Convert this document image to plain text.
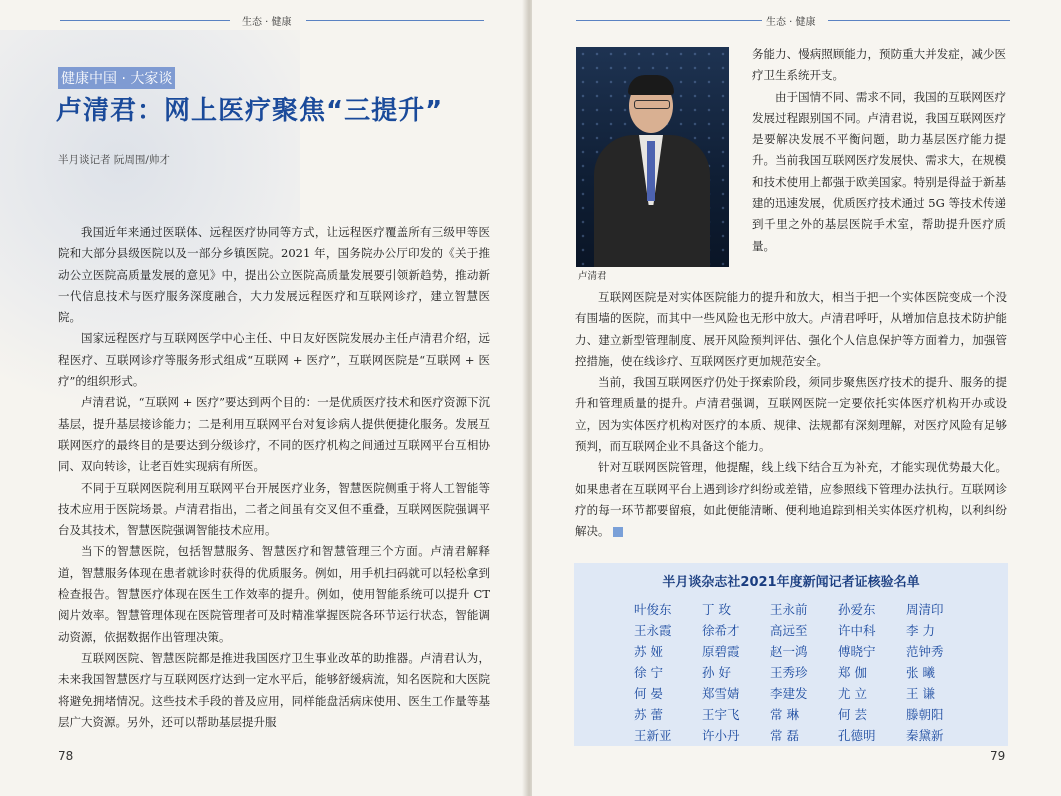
生态 · 健康
健康中国 · 大家谈
卢清君：网上医疗聚焦“三提升”
半月谈记者 阮周围/帅才

我国近年来通过医联体、远程医疗协同等方式，让远程医疗覆盖所有三级甲等医院和大部分县级医院以及一部分乡镇医院。2021 年，国务院办公厅印发的《关于推动公立医院高质量发展的意见》中，提出公立医院高质量发展要引领新趋势，推动新一代信息技术与医疗服务深度融合，大力发展远程医疗和互联网诊疗，建立智慧医院。

国家远程医疗与互联网医学中心主任、中日友好医院发展办主任卢清君介绍，远程医疗、互联网诊疗等服务形式组成“互联网 + 医疗”，互联网医院是“互联网 + 医疗”的组织形式。

卢清君说，“互联网 + 医疗”要达到两个目的：一是优质医疗技术和医疗资源下沉基层，提升基层接诊能力；二是利用互联网平台对复诊病人提供便捷化服务。发展互联网医疗的最终目的是要达到分级诊疗，不同的医疗机构之间通过互联网平台互相协同、双向转诊，让老百姓实现病有所医。

不同于互联网医院利用互联网平台开展医疗业务，智慧医院侧重于将人工智能等技术应用于医院场景。卢清君指出，二者之间虽有交叉但不重叠，互联网医院强调平台及其技术，智慧医院强调智能技术应用。

当下的智慧医院，包括智慧服务、智慧医疗和智慧管理三个方面。卢清君解释道，智慧服务体现在患者就诊时获得的优质服务。例如，用手机扫码就可以轻松拿到检查报告。智慧医疗体现在医生工作效率的提升。例如，使用智能系统可以提升 CT 阅片效率。智慧管理体现在医院管理者可及时精准掌握医院各环节运行状态，智能调动资源，依据数据作出管理决策。

互联网医院、智慧医院都是推进我国医疗卫生事业改革的助推器。卢清君认为，未来我国智慧医疗与互联网医疗达到一定水平后，能够舒缓病流，知名医院和大医院将避免拥堵情况。这些技术手段的普及应用，同样能盘活病床使用、医生工作量等基层广大资源。另外，还可以帮助基层提升服

78
生态 · 健康
卢清君

务能力、慢病照顾能力，预防重大并发症，减少医疗卫生系统开支。

由于国情不同、需求不同，我国的互联网医疗发展过程跟别国不同。卢清君说，我国互联网医疗是要解决发展不平衡问题，助力基层医疗能力提升。当前我国互联网医疗发展快、需求大，在规模和技术使用上都强于欧美国家。特别是得益于新基建的迅速发展，优质医疗技术通过 5G 等技术传递到千里之外的基层医院手术室，帮助提升医疗质量。

互联网医院是对实体医院能力的提升和放大，相当于把一个实体医院变成一个没有围墙的医院，而其中一些风险也无形中放大。卢清君呼吁，从增加信息技术防护能力、建立新型管理制度、展开风险预判评估、强化个人信息保护等方面着力，加强管控措施，使在线诊疗、互联网医疗更加规范安全。

当前，我国互联网医疗仍处于探索阶段，须同步聚焦医疗技术的提升、服务的提升和管理质量的提升。卢清君强调，互联网医院一定要依托实体医疗机构开办或设立，因为实体医疗机构对医疗的本质、规律、法规都有深刻理解，对医疗风险有足够预判，而互联网企业不具备这个能力。

针对互联网医院管理，他提醒，线上线下结合互为补充，才能实现优势最大化。如果患者在互联网平台上遇到诊疗纠纷或差错，应参照线下管理办法执行。互联网诊疗的每一环节都要留痕，如此便能清晰、便利地追踪到相关实体医疗机构，以利纠纷解决。

半月谈杂志社2021年度新闻记者证核验名单
叶俊东	丁 玫	王永前	孙爱东	周清印
王永霞	徐希才	高远至	许中科	李 力
苏 娅	原碧霞	赵一鸿	傅晓宁	范钟秀
徐 宁	孙 好	王秀珍	郑 伽	张 曦
何 晏	郑雪婧	李建发	尤 立	王 谦
苏 蕾	王宇飞	常 琳	何 芸	滕朝阳
王新亚	许小丹	常 磊	孔德明	秦黛新
79
